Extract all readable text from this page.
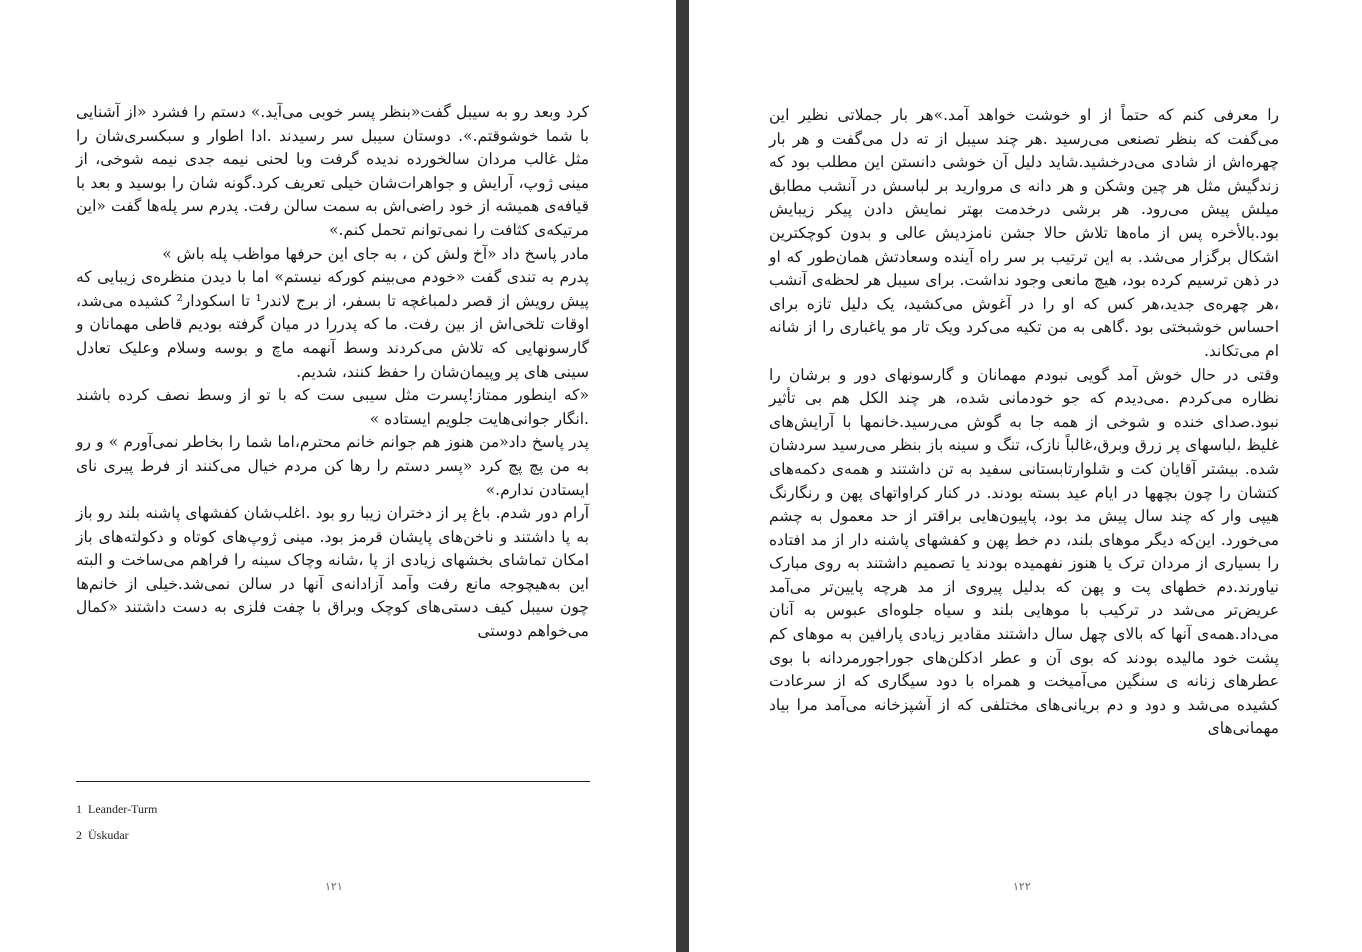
کرد وبعد رو به سیبل گفت«بنظر پسر خوبی می‌آید.» دستم را فشرد «از آشنایی با شما خوشوقتم.». دوستان سیبل سر رسیدند .ادا اطوار و سبکسری‌شان را مثل غالب مردان سالخورده ندیده گرفت وبا لحنی نیمه جدی نیمه شوخی، از مینی ژوپ، آرایش و جواهرات‌شان خیلی تعریف کرد.گونه شان را بوسید و بعد با قیافه‌ی همیشه از خود راضی‌اش به سمت سالن رفت. پدرم سر پله‌ها گفت «این مرتیکه‌ی کثافت را نمی‌توانم تحمل کنم.»

مادر پاسخ داد «آخ ولش کن ، به جای این حرفها مواظب پله باش »

پدرم به تندی گفت «خودم می‌بینم کورکه نیستم» اما با دیدن منظره‌ی زیبایی که پیش رویش از قصر دلمباغچه تا بسفر، از برج لاندر¹ تا اسکودار² کشیده می‌شد، اوقات تلخی‌اش از بین رفت. ما که پدررا در میان گرفته بودیم قاطی مهمانان و گارسونهایی که تلاش می‌کردند وسط آنهمه ماچ و بوسه وسلام وعلیک تعادل سینی های پر وپیمان‌شان را حفظ کنند، شدیم.

«که اینطور ممتاز!پسرت مثل سیبی ست که با تو از وسط نصف کرده باشند .انگار جوانی‌هایت جلویم ایستاده »

پدر پاسخ داد«من هنوز هم جوانم خانم محترم،اما شما را بخاطر نمی‌آورم » و رو به من پچ پچ کرد «پسر دستم را رها کن مردم خیال می‌کنند از فرط پیری نای ایستادن ندارم.»

آرام دور شدم. باغ پر از دختران زیبا رو بود .اغلب‌شان کفشهای پاشنه بلند رو باز به پا داشتند و ناخن‌های پایشان قرمز بود. مینی ژوپ‌های کوتاه و دکولته‌های باز امکان تماشای بخشهای زیادی از پا ،شانه وچاک سینه را فراهم می‌ساخت و البته این به‌هیچوجه مانع رفت وآمد آزادانه‌ی آنها در سالن نمی‌شد.خیلی از خانم‌ها چون سیبل کیف دستی‌های کوچک وبراق با چفت فلزی به دست داشتند «کمال می‌خواهم دوستی

1 Leander-Turm
2 Üskudar
۱۲۱

را معرفی کنم که حتماً از او خوشت خواهد آمد.»هر بار جملاتی نظیر این می‌گفت که بنظر تصنعی می‌رسید .هر چند سیبل از ته دل می‌گفت و هر بار چهره‌اش از شادی می‌درخشید.شاید دلیل آن خوشی دانستن این مطلب بود که زندگیش مثل هر چین وشکن و هر دانه ی مروارید بر لباسش در آنشب مطابق میلش پیش می‌رود. هر برشی درخدمت بهتر نمایش دادن پیکر زیبایش بود.بالأخره پس از ماه‌ها تلاش حالا جشن نامزدیش عالی و بدون کوچکترین اشکال برگزار می‌شد. به این ترتیب بر سر راه آینده وسعادتش همان‌طور که او در ذهن ترسیم کرده بود، هیچ مانعی وجود نداشت. برای سیبل هر لحظه‌ی آنشب ،هر چهره‌ی جدید،هر کس که او را در آغوش می‌کشید، یک دلیل تازه برای احساس خوشبختی بود .گاهی به من تکیه می‌کرد ویک تار مو یاغباری را از شانه ام می‌تکاند.

وقتی در حال خوش آمد گویی نبودم مهمانان و گارسونهای دور و برشان را نظاره می‌کردم .می‌دیدم که جو خودمانی شده، هر چند الکل هم بی تأثیر نبود.صدای خنده و شوخی از همه جا به گوش می‌رسید.خانمها با آرایش‌های غلیظ ،لباسهای پر زرق وبرق،غالباً نازک، تنگ و سینه باز بنظر می‌رسید سردشان شده. بیشتر آقایان کت و شلوارتابستانی سفید به تن داشتند و همه‌ی دکمه‌های کتشان را چون بچهها در ایام عید بسته بودند. در کنار کراواتهای پهن و رنگارنگ هیپی وار که چند سال پیش مد بود، پاپیون‌هایی براقتر از حد معمول به چشم می‌خورد. این‌که دیگر موهای بلند، دم خط پهن و کفشهای پاشنه دار از مد افتاده را بسیاری از مردان ترک یا هنوز نفهمیده بودند یا تصمیم داشتند به روی مبارک نیاورند.دم خطهای پت و پهن که بدلیل پیروی از مد هرچه پایین‌تر می‌آمد عریض‌تر می‌شد در ترکیب با موهایی بلند و سیاه جلوه‌ای عبوس به آنان می‌داد.همه‌ی آنها که بالای چهل سال داشتند مقادیر زیادی پارافین به موهای کم پشت خود مالیده بودند که بوی آن و عطر ادکلن‌های جوراجورمردانه با بوی عطرهای زنانه ی سنگین می‌آمیخت و همراه با دود سیگاری که از سرعادت کشیده می‌شد و دود و دم بریانی‌های مختلفی که از آشپزخانه می‌آمد مرا بیاد مهمانی‌های

۱۲۲
